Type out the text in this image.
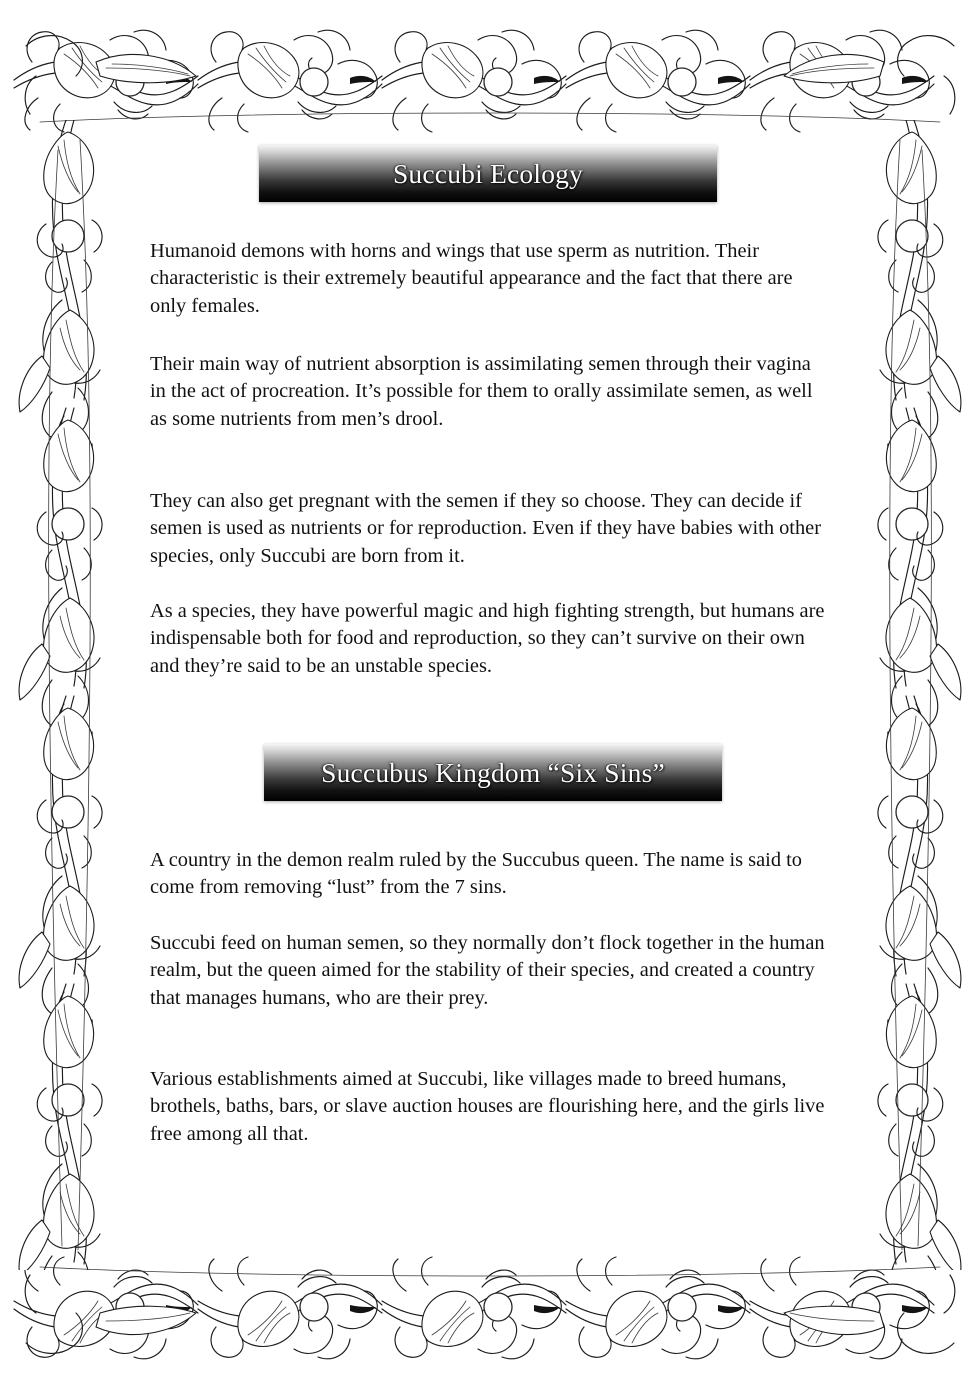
Succubi Ecology

Humanoid demons with horns and wings that use sperm as nutrition. Their characteristic is their extremely beautiful appearance and the fact that there are only females.

Their main way of nutrient absorption is assimilating semen through their vagina in the act of procreation. It’s possible for them to orally assimilate semen, as well as some nutrients from men’s drool.

They can also get pregnant with the semen if they so choose. They can decide if semen is used as nutrients or for reproduction. Even if they have babies with other species, only Succubi are born from it.

As a species, they have powerful magic and high fighting strength, but humans are indispensable both for food and reproduction, so they can’t survive on their own and they’re said to be an unstable species.

Succubus Kingdom “Six Sins”

A country in the demon realm ruled by the Succubus queen. The name is said to come from removing “lust” from the 7 sins.

Succubi feed on human semen, so they normally don’t flock together in the human realm, but the queen aimed for the stability of their species, and created a country that manages humans, who are their prey.

Various establishments aimed at Succubi, like villages made to breed humans, brothels, baths, bars, or slave auction houses are flourishing here, and the girls live free among all that.
